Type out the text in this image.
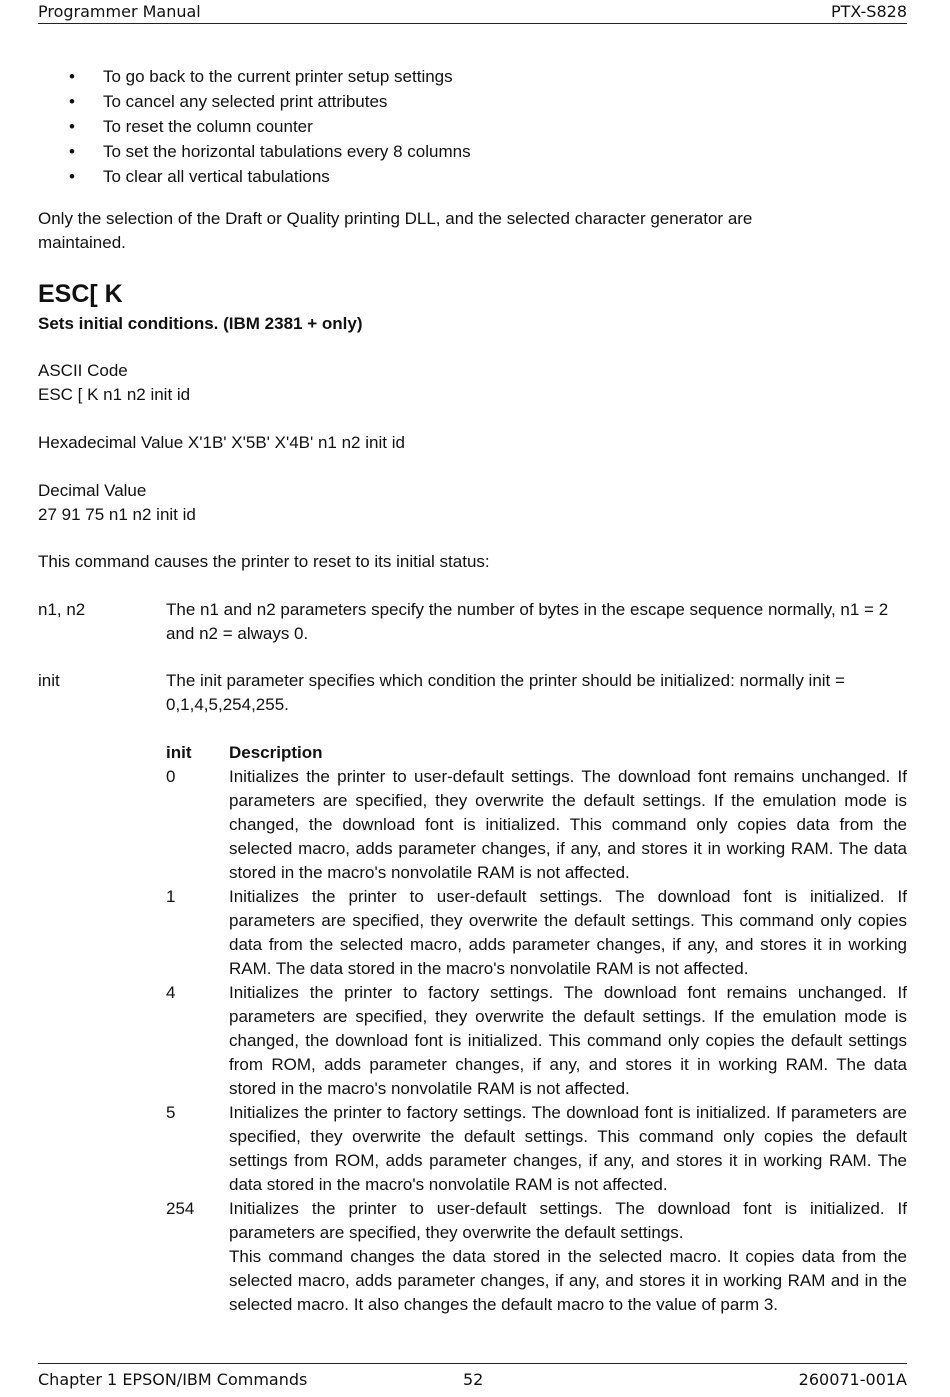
Programmer Manual	PTX-S828
• To go back to the current printer setup settings
• To cancel any selected print attributes
• To reset the column counter
• To set the horizontal tabulations every 8 columns
• To clear all vertical tabulations

Only the selection of the Draft or Quality printing DLL, and the selected character generator are maintained.

ESC[ K

Sets initial conditions. (IBM 2381 + only)

ASCII Code
ESC [ K n1 n2 init id
Hexadecimal Value X'1B' X'5B' X'4B' n1 n2 init id
Decimal Value
27 91 75 n1 n2 init id
This command causes the printer to reset to its initial status:
n1, n2	The n1 and n2 parameters specify the number of bytes in the escape sequence normally, n1 = 2 and n2 = always 0.
init	The init parameter specifies which condition the printer should be initialized: normally init = 0,1,4,5,254,255.
init	Description
0	Initializes the printer to user-default settings. The download font remains unchanged. If parameters are specified, they overwrite the default settings. If the emulation mode is changed, the download font is initialized. This command only copies data from the selected macro, adds parameter changes, if any, and stores it in working RAM. The data stored in the macro's nonvolatile RAM is not affected.
1	Initializes the printer to user-default settings. The download font is initialized. If parameters are specified, they overwrite the default settings. This command only copies data from the selected macro, adds parameter changes, if any, and stores it in working RAM. The data stored in the macro's nonvolatile RAM is not affected.
4	Initializes the printer to factory settings. The download font remains unchanged. If parameters are specified, they overwrite the default settings. If the emulation mode is changed, the download font is initialized. This command only copies the default settings from ROM, adds parameter changes, if any, and stores it in working RAM. The data stored in the macro's nonvolatile RAM is not affected.
5	Initializes the printer to factory settings. The download font is initialized. If parameters are specified, they overwrite the default settings. This command only copies the default settings from ROM, adds parameter changes, if any, and stores it in working RAM. The data stored in the macro's nonvolatile RAM is not affected.
254	Initializes the printer to user-default settings. The download font is initialized. If parameters are specified, they overwrite the default settings.
This command changes the data stored in the selected macro. It copies data from the selected macro, adds parameter changes, if any, and stores it in working RAM and in the selected macro. It also changes the default macro to the value of parm 3.
Chapter 1 EPSON/IBM Commands	52	260071-001A
